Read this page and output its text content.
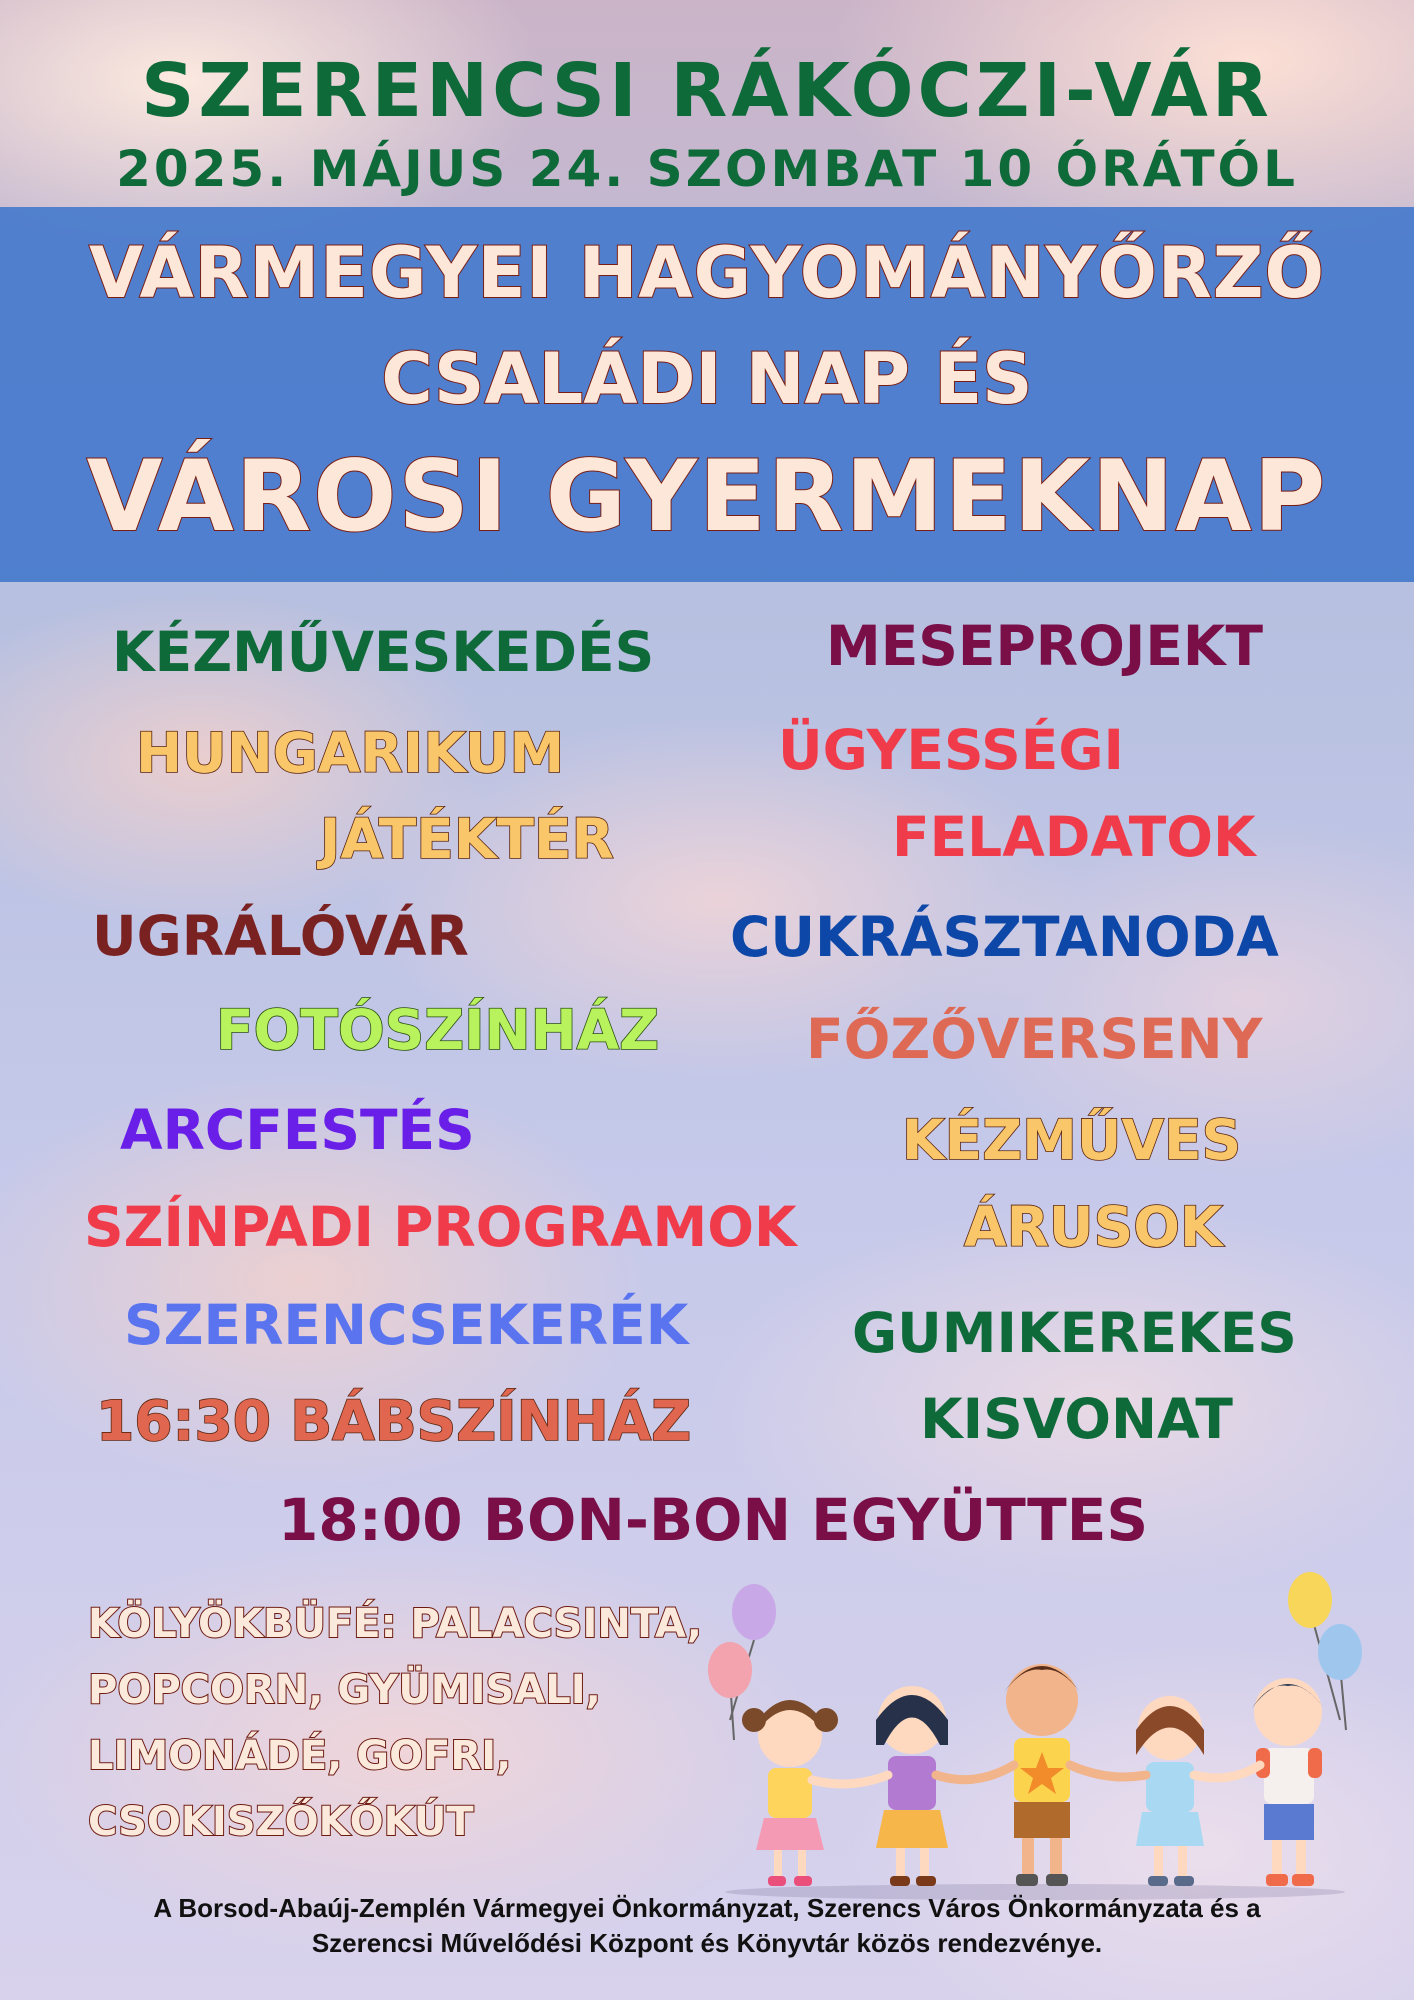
SZERENCSI RÁKÓCZI-VÁR
2025. MÁJUS 24. SZOMBAT 10 ÓRÁTÓL
VÁRMEGYEI HAGYOMÁNYŐRZŐ
CSALÁDI NAP ÉS
VÁROSI GYERMEKNAP
KÉZMŰVESKEDÉS	MESEPROJEKT
HUNGARIKUM
JÁTÉKTÉR
ÜGYESSÉGI
FELADATOK
UGRÁLÓVÁR	CUKRÁSZTANODA
FOTÓSZÍNHÁZ	FŐZŐVERSENY
ARCFESTÉS	KÉZMŰVES
SZÍNPADI PROGRAMOK	ÁRUSOK
SZERENCSEKERÉK	GUMIKEREKES
16:30 BÁBSZÍNHÁZ	KISVONAT
18:00 BON-BON EGYÜTTES
KÖLYÖKBÜFÉ: PALACSINTA,
POPCORN, GYÜMISALI,
LIMONÁDÉ, GOFRI,
CSOKISZŐKŐKÚT
A Borsod-Abaúj-Zemplén Vármegyei Önkormányzat, Szerencs Város Önkormányzata és a
Szerencsi Művelődési Központ és Könyvtár közös rendezvénye.
